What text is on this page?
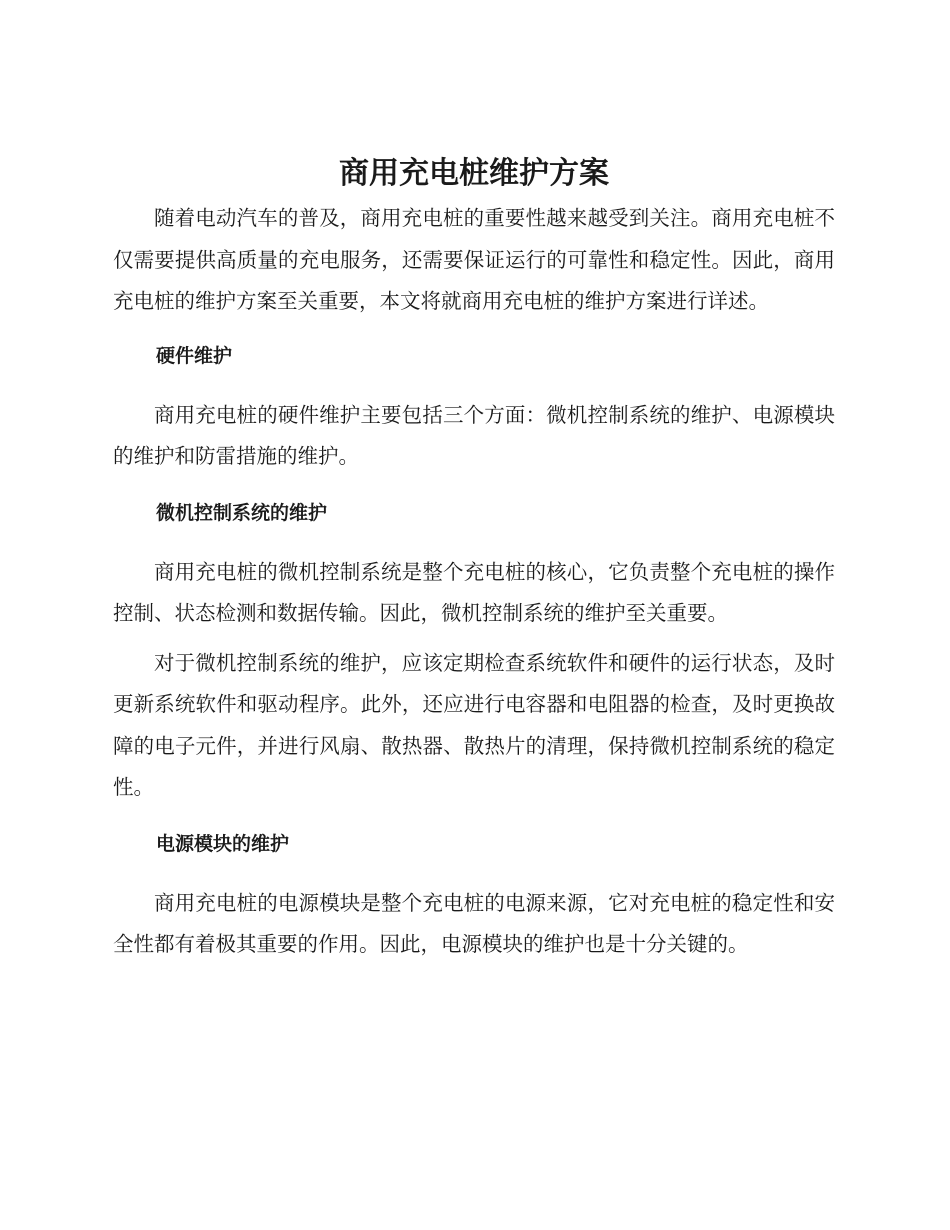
商用充电桩维护方案

随着电动汽车的普及，商用充电桩的重要性越来越受到关注。商用充电桩不仅需要提供高质量的充电服务，还需要保证运行的可靠性和稳定性。因此，商用充电桩的维护方案至关重要，本文将就商用充电桩的维护方案进行详述。

硬件维护

商用充电桩的硬件维护主要包括三个方面：微机控制系统的维护、电源模块的维护和防雷措施的维护。

微机控制系统的维护

商用充电桩的微机控制系统是整个充电桩的核心，它负责整个充电桩的操作控制、状态检测和数据传输。因此，微机控制系统的维护至关重要。

对于微机控制系统的维护，应该定期检查系统软件和硬件的运行状态，及时更新系统软件和驱动程序。此外，还应进行电容器和电阻器的检查，及时更换故障的电子元件，并进行风扇、散热器、散热片的清理，保持微机控制系统的稳定性。

电源模块的维护

商用充电桩的电源模块是整个充电桩的电源来源，它对充电桩的稳定性和安全性都有着极其重要的作用。因此，电源模块的维护也是十分关键的。
